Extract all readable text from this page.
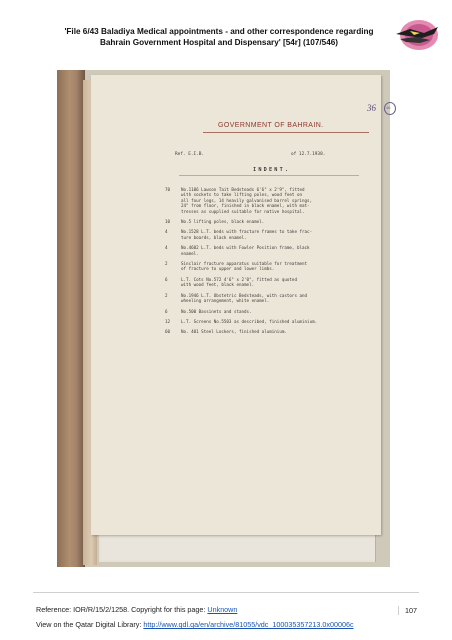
'File 6/43 Baladiya Medical appointments - and other correspondence regarding
Bahrain Government Hospital and Dispensary' [54r] (107/546)
GOVERNMENT OF BAHRAIN.
36	46
Ref. E.I.B.	of 12.7.1938.
INDENT.
70	No.1106 Lawson Tait Bedsteads 6'6" x 2'9", fitted
with sockets to take lifting poles, wood feet on
all four legs, 14 heavily galvanised barrel springs,
24" from floor, finished in black enamel, with mat-
tresses as supplied suitable for native hospital.
10	No.5 lifting poles, black enamel.
4	No.1528 L.T. beds with fracture frames to take frac-
ture boards, black enamel.
4	No.4602 L.T. beds with Fowler Position frame, black
enamel.
2	Sinclair fracture apparatus suitable for treatment
of fracture to upper and lower limbs.
6	L.T. Cots No.572 4'6" x 2'0", fitted as quoted
with wood feet, black enamel.
2	No.1946 L.T. Obstetric Bedsteads, with castors and
wheeling arrangement, white enamel.
6	No.500 Bassinets and stands.
12	L.T. Screens No.5503 as described, finished aluminium.
60	No. 401 Steel Lockers, finished aluminium.
Reference: IOR/R/15/2/1258. Copyright for this page: Unknown
View on the Qatar Digital Library: http://www.qdl.qa/en/archive/81055/vdc_100035357213.0x00006c
107
